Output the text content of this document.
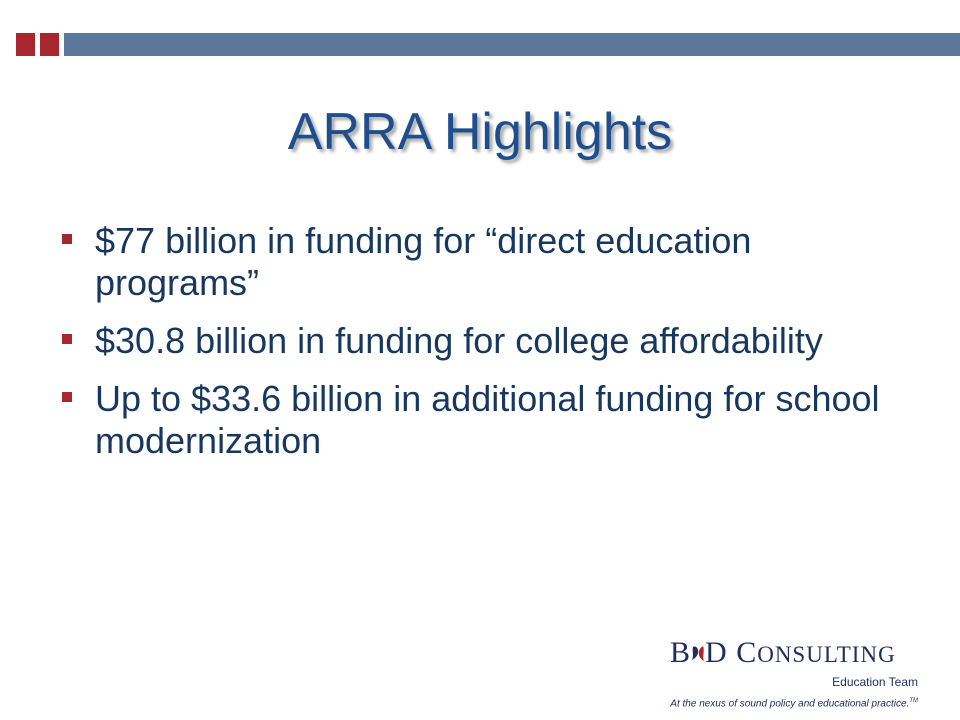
ARRA Highlights
$77 billion in funding for “direct education programs”
$30.8 billion in funding for college affordability
Up to $33.6 billion in additional funding for school modernization
B D CONSULTING
Education Team
At the nexus of sound policy and educational practice.™
